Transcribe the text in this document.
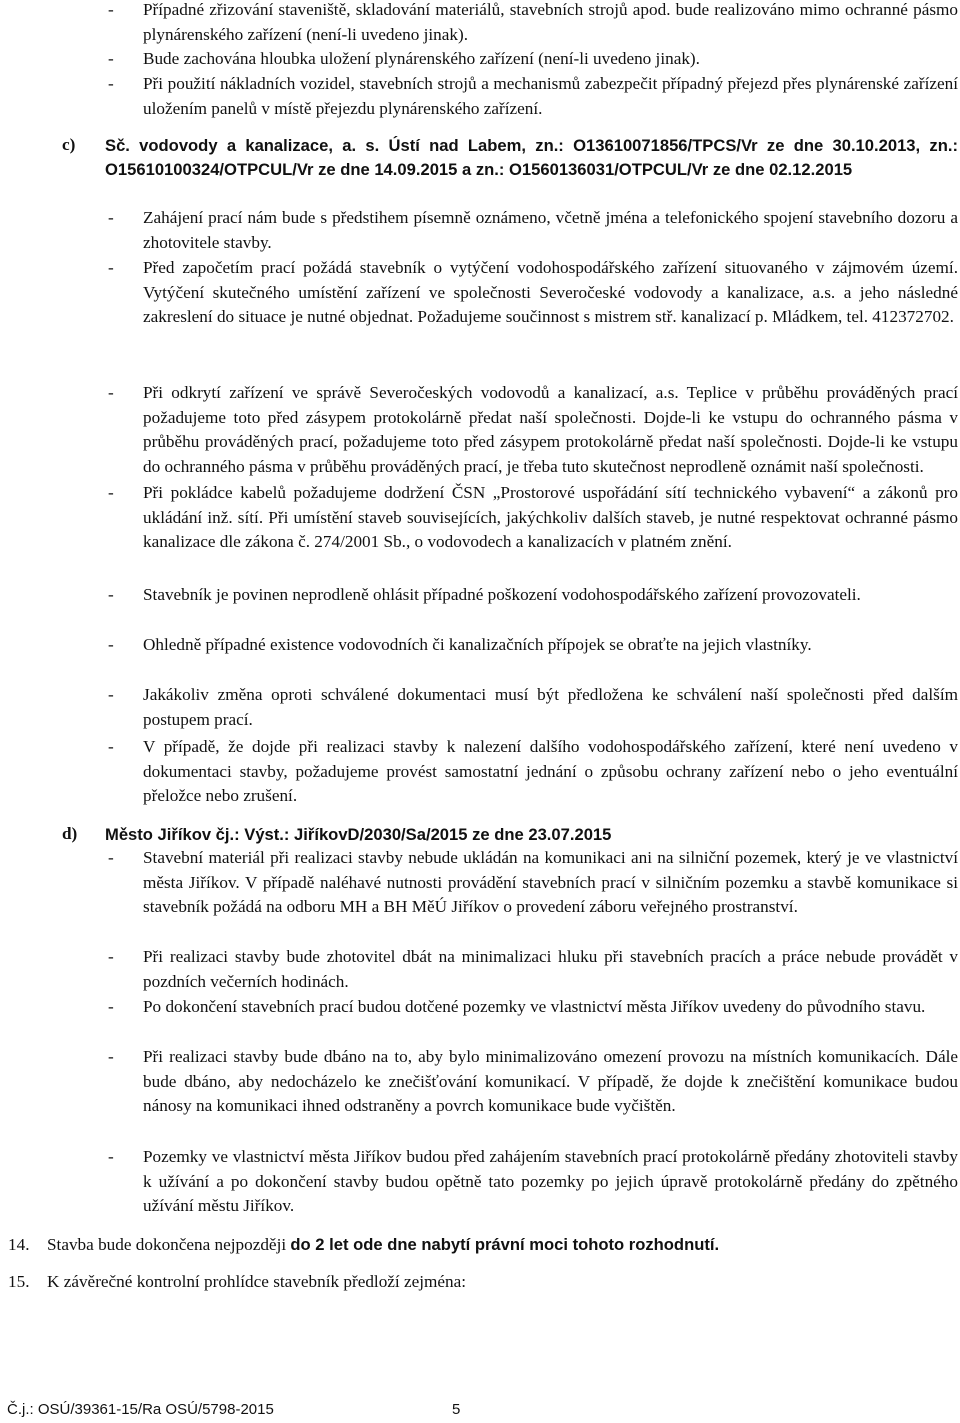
-	Případné zřizování staveniště, skladování materiálů, stavebních strojů apod. bude realizováno mimo ochranné pásmo plynárenského zařízení (není-li uvedeno jinak).
-	Bude zachována hloubka uložení plynárenského zařízení (není-li uvedeno jinak).
-	Při použití nákladních vozidel, stavebních strojů a mechanismů zabezpečit případný přejezd přes plynárenské zařízení uložením panelů v místě přejezdu plynárenského zařízení.
c) Sč. vodovody a kanalizace, a. s. Ústí nad Labem, zn.: O13610071856/TPCS/Vr ze dne 30.10.2013, zn.: O15610100324/OTPCUL/Vr ze dne 14.09.2015 a zn.: O1560136031/OTPCUL/Vr ze dne 02.12.2015
-	Zahájení prací nám bude s předstihem písemně oznámeno, včetně jména a telefonického spojení stavebního dozoru a zhotovitele stavby.
-	Před započetím prací požádá stavebník o vytýčení vodohospodářského zařízení situovaného v zájmovém území. Vytýčení skutečného umístění zařízení ve společnosti Severočeské vodovody a kanalizace, a.s. a jeho následné zakreslení do situace je nutné objednat. Požadujeme součinnost s mistrem stř. kanalizací p. Mládkem, tel. 412372702.
-	Při odkrytí zařízení ve správě Severočeských vodovodů a kanalizací, a.s. Teplice v průběhu prováděných prací požadujeme toto před zásypem protokolárně předat naší společnosti. Dojde-li ke vstupu do ochranného pásma v průběhu prováděných prací, požadujeme toto před zásypem protokolárně předat naší společnosti. Dojde-li ke vstupu do ochranného pásma v průběhu prováděných prací, je třeba tuto skutečnost neprodleně oznámit naší společnosti.
-	Při pokládce kabelů požadujeme dodržení ČSN „Prostorové uspořádání sítí technického vybavení“ a zákonů pro ukládání inž. sítí. Při umístění staveb souvisejících, jakýchkoliv dalších staveb, je nutné respektovat ochranné pásmo kanalizace dle zákona č. 274/2001 Sb., o vodovodech a kanalizacích v platném znění.
-	Stavebník je povinen neprodleně ohlásit případné poškození vodohospodářského zařízení provozovateli.
-	Ohledně případné existence vodovodních či kanalizačních přípojek se obraťte na jejich vlastníky.
-	Jakákoliv změna oproti schválené dokumentaci musí být předložena ke schválení naší společnosti před dalším postupem prací.
-	V případě, že dojde při realizaci stavby k nalezení dalšího vodohospodářského zařízení, které není uvedeno v dokumentaci stavby, požadujeme provést samostatní jednání o způsobu ochrany zařízení nebo o jeho eventuální přeložce nebo zrušení.
d) Město Jiříkov čj.: Výst.: JiříkovD/2030/Sa/2015 ze dne 23.07.2015
-	Stavební materiál při realizaci stavby nebude ukládán na komunikaci ani na silniční pozemek, který je ve vlastnictví města Jiříkov. V případě naléhavé nutnosti provádění stavebních prací v silničním pozemku a stavbě komunikace si stavebník požádá na odboru MH a BH MěÚ Jiříkov o provedení záboru veřejného prostranství.
-	Při realizaci stavby bude zhotovitel dbát na minimalizaci hluku při stavebních pracích a práce nebude provádět v pozdních večerních hodinách.
-	Po dokončení stavebních prací budou dotčené pozemky ve vlastnictví města Jiříkov uvedeny do původního stavu.
-	Při realizaci stavby bude dbáno na to, aby bylo minimalizováno omezení provozu na místních komunikacích. Dále bude dbáno, aby nedocházelo ke znečišťování komunikací. V případě, že dojde k znečištění komunikace budou nánosy na komunikaci ihned odstraněny a povrch komunikace bude vyčištěn.
-	Pozemky ve vlastnictví města Jiříkov budou před zahájením stavebních prací protokolárně předány zhotoviteli stavby k užívání a po dokončení stavby budou opětně tato pozemky po jejich úpravě protokolárně předány do zpětného užívání městu Jiříkov.
14. Stavba bude dokončena nejpozději do 2 let ode dne nabytí právní moci tohoto rozhodnutí.
15. K závěrečné kontrolní prohlídce stavebník předloží zejména:
Č.j.: OSÚ/39361-15/Ra OSÚ/5798-2015	5
